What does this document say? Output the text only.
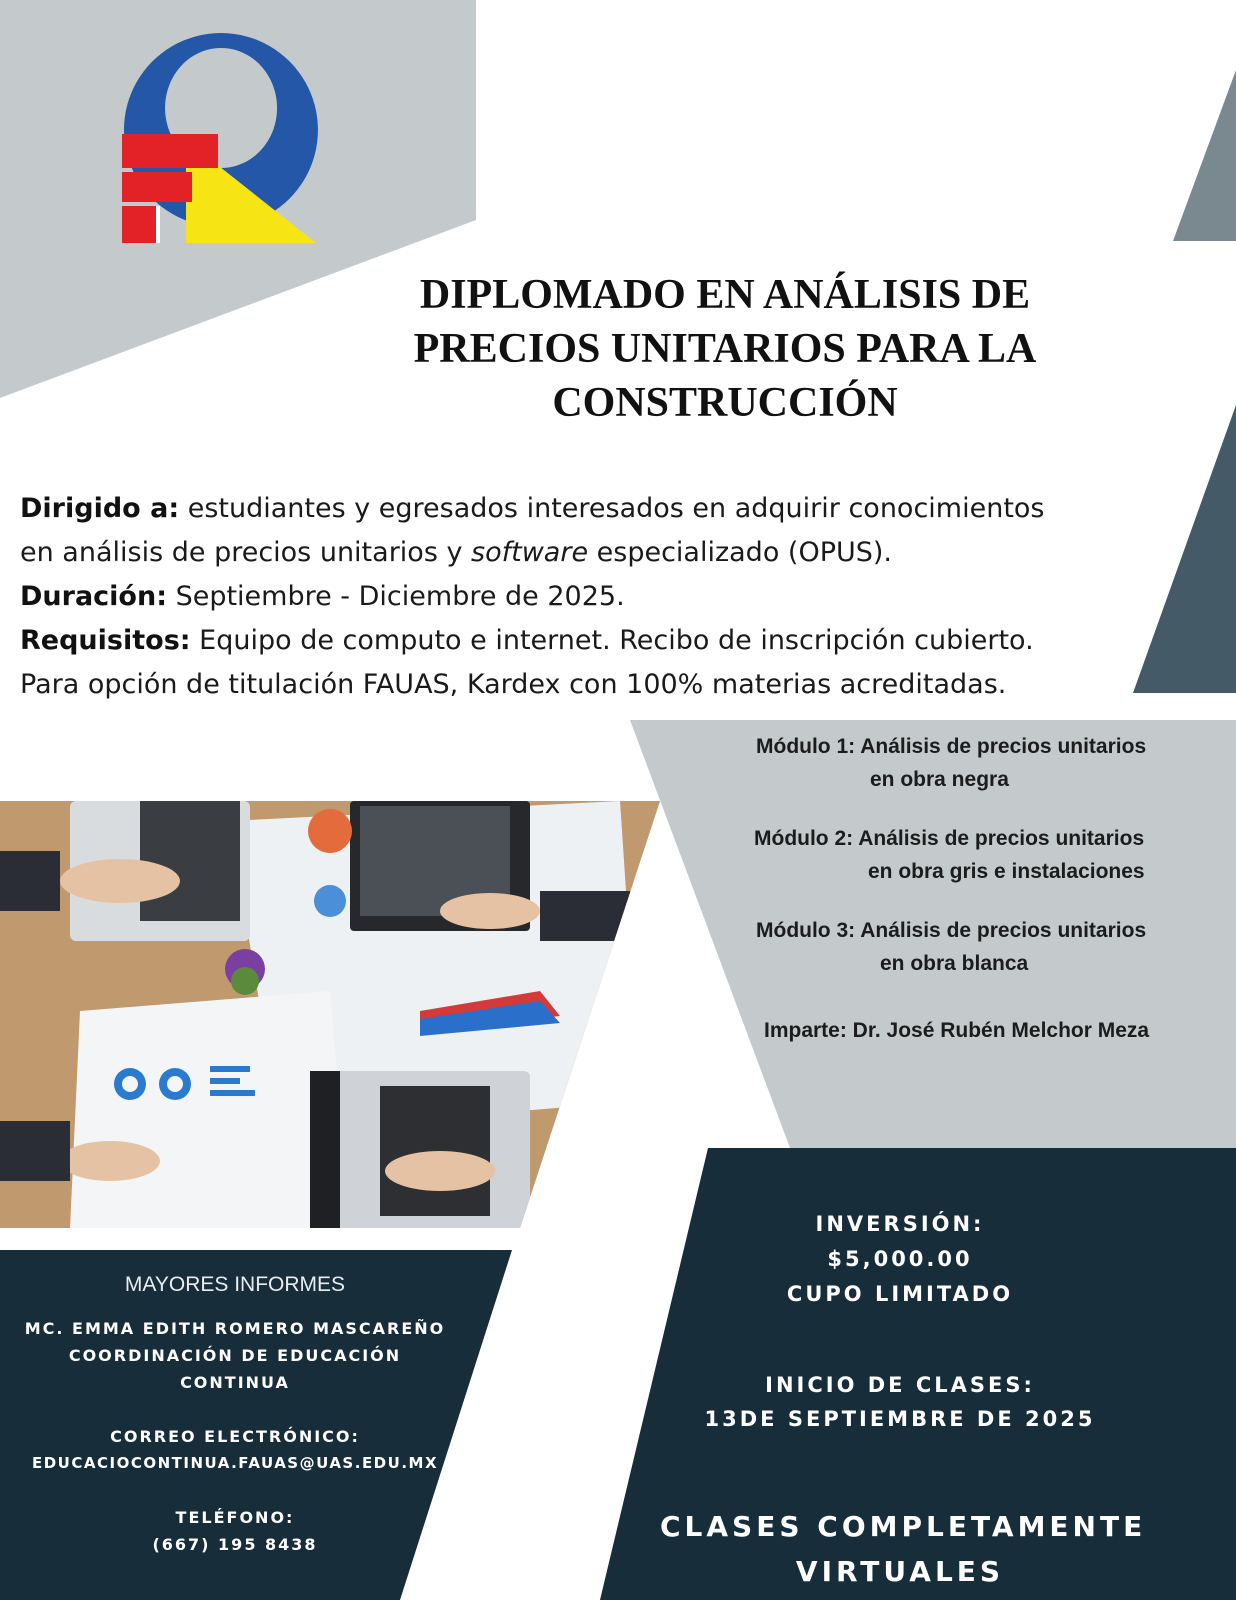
DIPLOMADO EN ANÁLISIS DE
PRECIOS UNITARIOS PARA LA
CONSTRUCCIÓN
Dirigido a: estudiantes y egresados interesados en adquirir conocimientos
en análisis de precios unitarios y software especializado (OPUS).
Duración: Septiembre - Diciembre de 2025.
Requisitos: Equipo de computo e internet. Recibo de inscripción cubierto.
Para opción de titulación FAUAS, Kardex con 100% materias acreditadas.
Módulo 1: Análisis de precios unitarios
en obra negra
Módulo 2: Análisis de precios unitarios
en obra gris e instalaciones
Módulo 3: Análisis de precios unitarios
en obra blanca
Imparte: Dr. José Rubén Melchor Meza
MAYORES INFORMES
MC. EMMA EDITH ROMERO MASCAREÑO
COORDINACIÓN DE EDUCACIÓN
CONTINUA
CORREO ELECTRÓNICO:
EDUCACIOCONTINUA.FAUAS@UAS.EDU.MX
TELÉFONO:
(667) 195 8438
INVERSIÓN:
$5,000.00
CUPO LIMITADO
INICIO DE CLASES:
13DE SEPTIEMBRE DE 2025
CLASES COMPLETAMENTE
VIRTUALES
